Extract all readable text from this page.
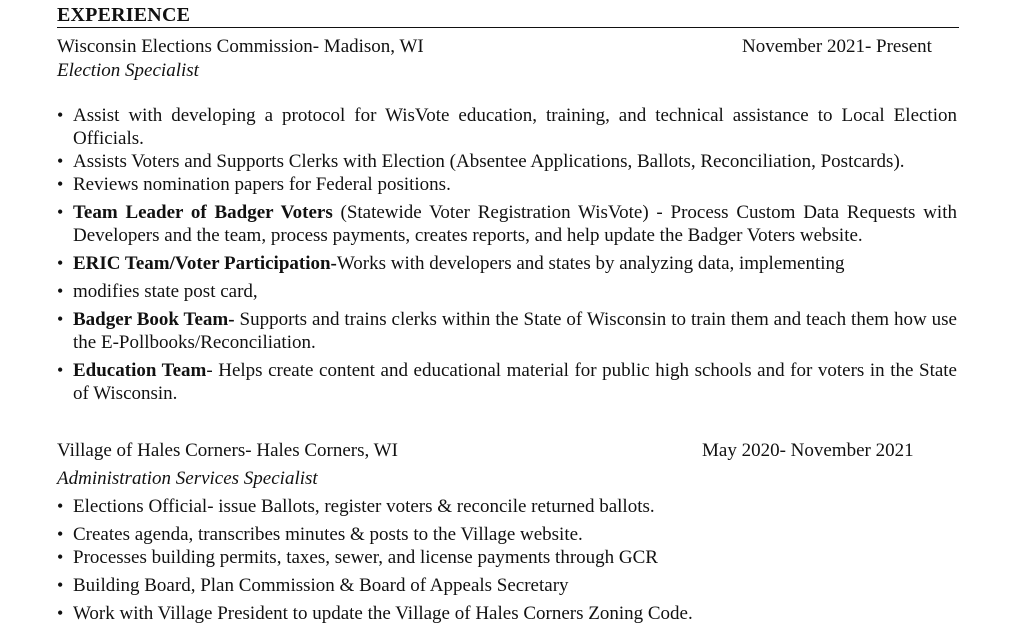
EXPERIENCE
Wisconsin Elections Commission- Madison, WI	November 2021- Present
Election Specialist
• Assist with developing a protocol for WisVote education, training, and technical assistance to Local Election Officials.
• Assists Voters and Supports Clerks with Election (Absentee Applications, Ballots, Reconciliation, Postcards).
• Reviews nomination papers for Federal positions.
• Team Leader of Badger Voters (Statewide Voter Registration WisVote) - Process Custom Data Requests with Developers and the team, process payments, creates reports, and help update the Badger Voters website.
• ERIC Team/Voter Participation-Works with developers and states by analyzing data, implementing
• modifies state post card,
• Badger Book Team- Supports and trains clerks within the State of Wisconsin to train them and teach them how use the E-Pollbooks/Reconciliation.
• Education Team- Helps create content and educational material for public high schools and for voters in the State of Wisconsin.
Village of Hales Corners- Hales Corners, WI	May 2020- November 2021
Administration Services Specialist
• Elections Official- issue Ballots, register voters & reconcile returned ballots.
• Creates agenda, transcribes minutes & posts to the Village website.
• Processes building permits, taxes, sewer, and license payments through GCR
• Building Board, Plan Commission & Board of Appeals Secretary
• Work with Village President to update the Village of Hales Corners Zoning Code.
